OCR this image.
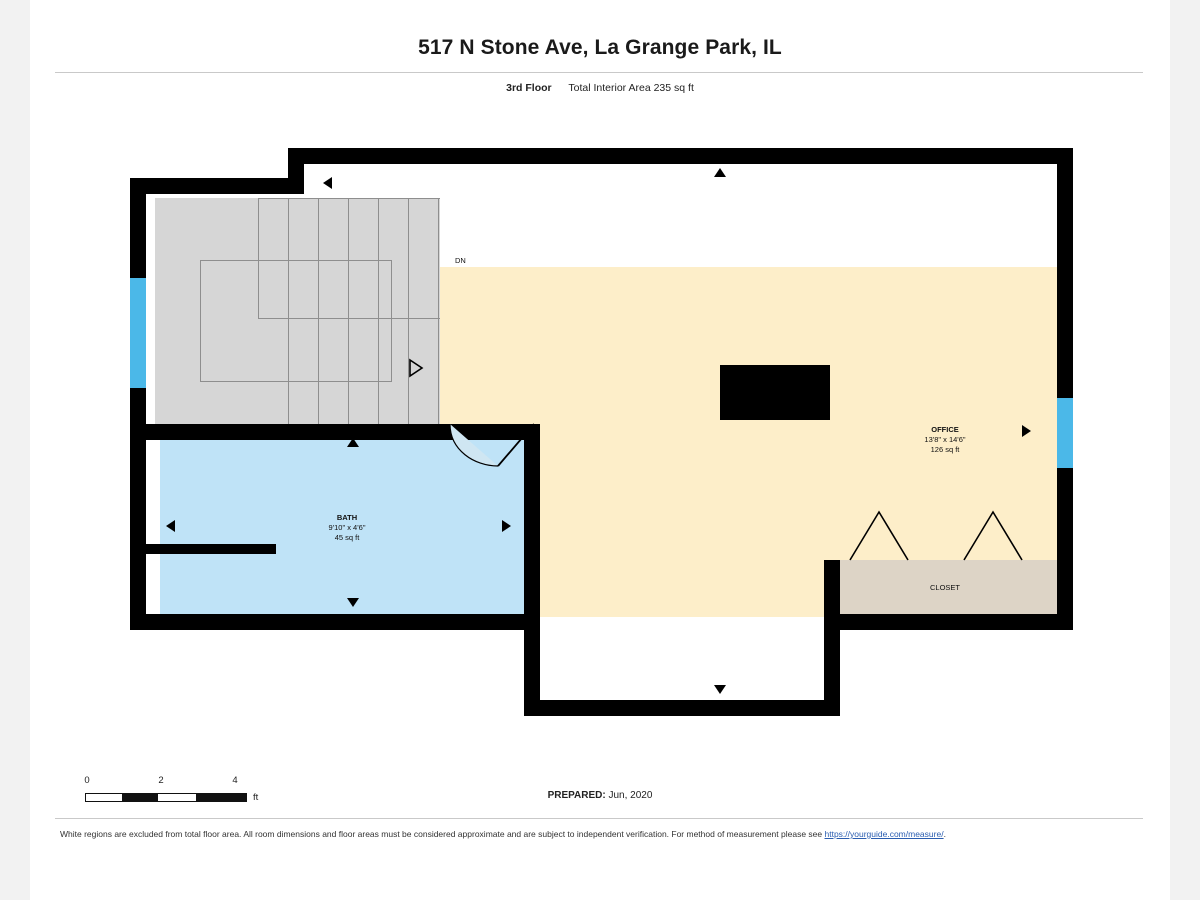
517 N Stone Ave, La Grange Park, IL
3rd Floor Total Interior Area 235 sq ft
DN
OFFICE
13'8" x 14'6"
126 sq ft
BATH
9'10" x 4'6"
45 sq ft
CLOSET
0	2	4
ft	PREPARED: Jun, 2020
White regions are excluded from total floor area. All room dimensions and floor areas must be considered approximate and are subject to independent verification. For method of measurement please see https://yourguide.com/measure/.
